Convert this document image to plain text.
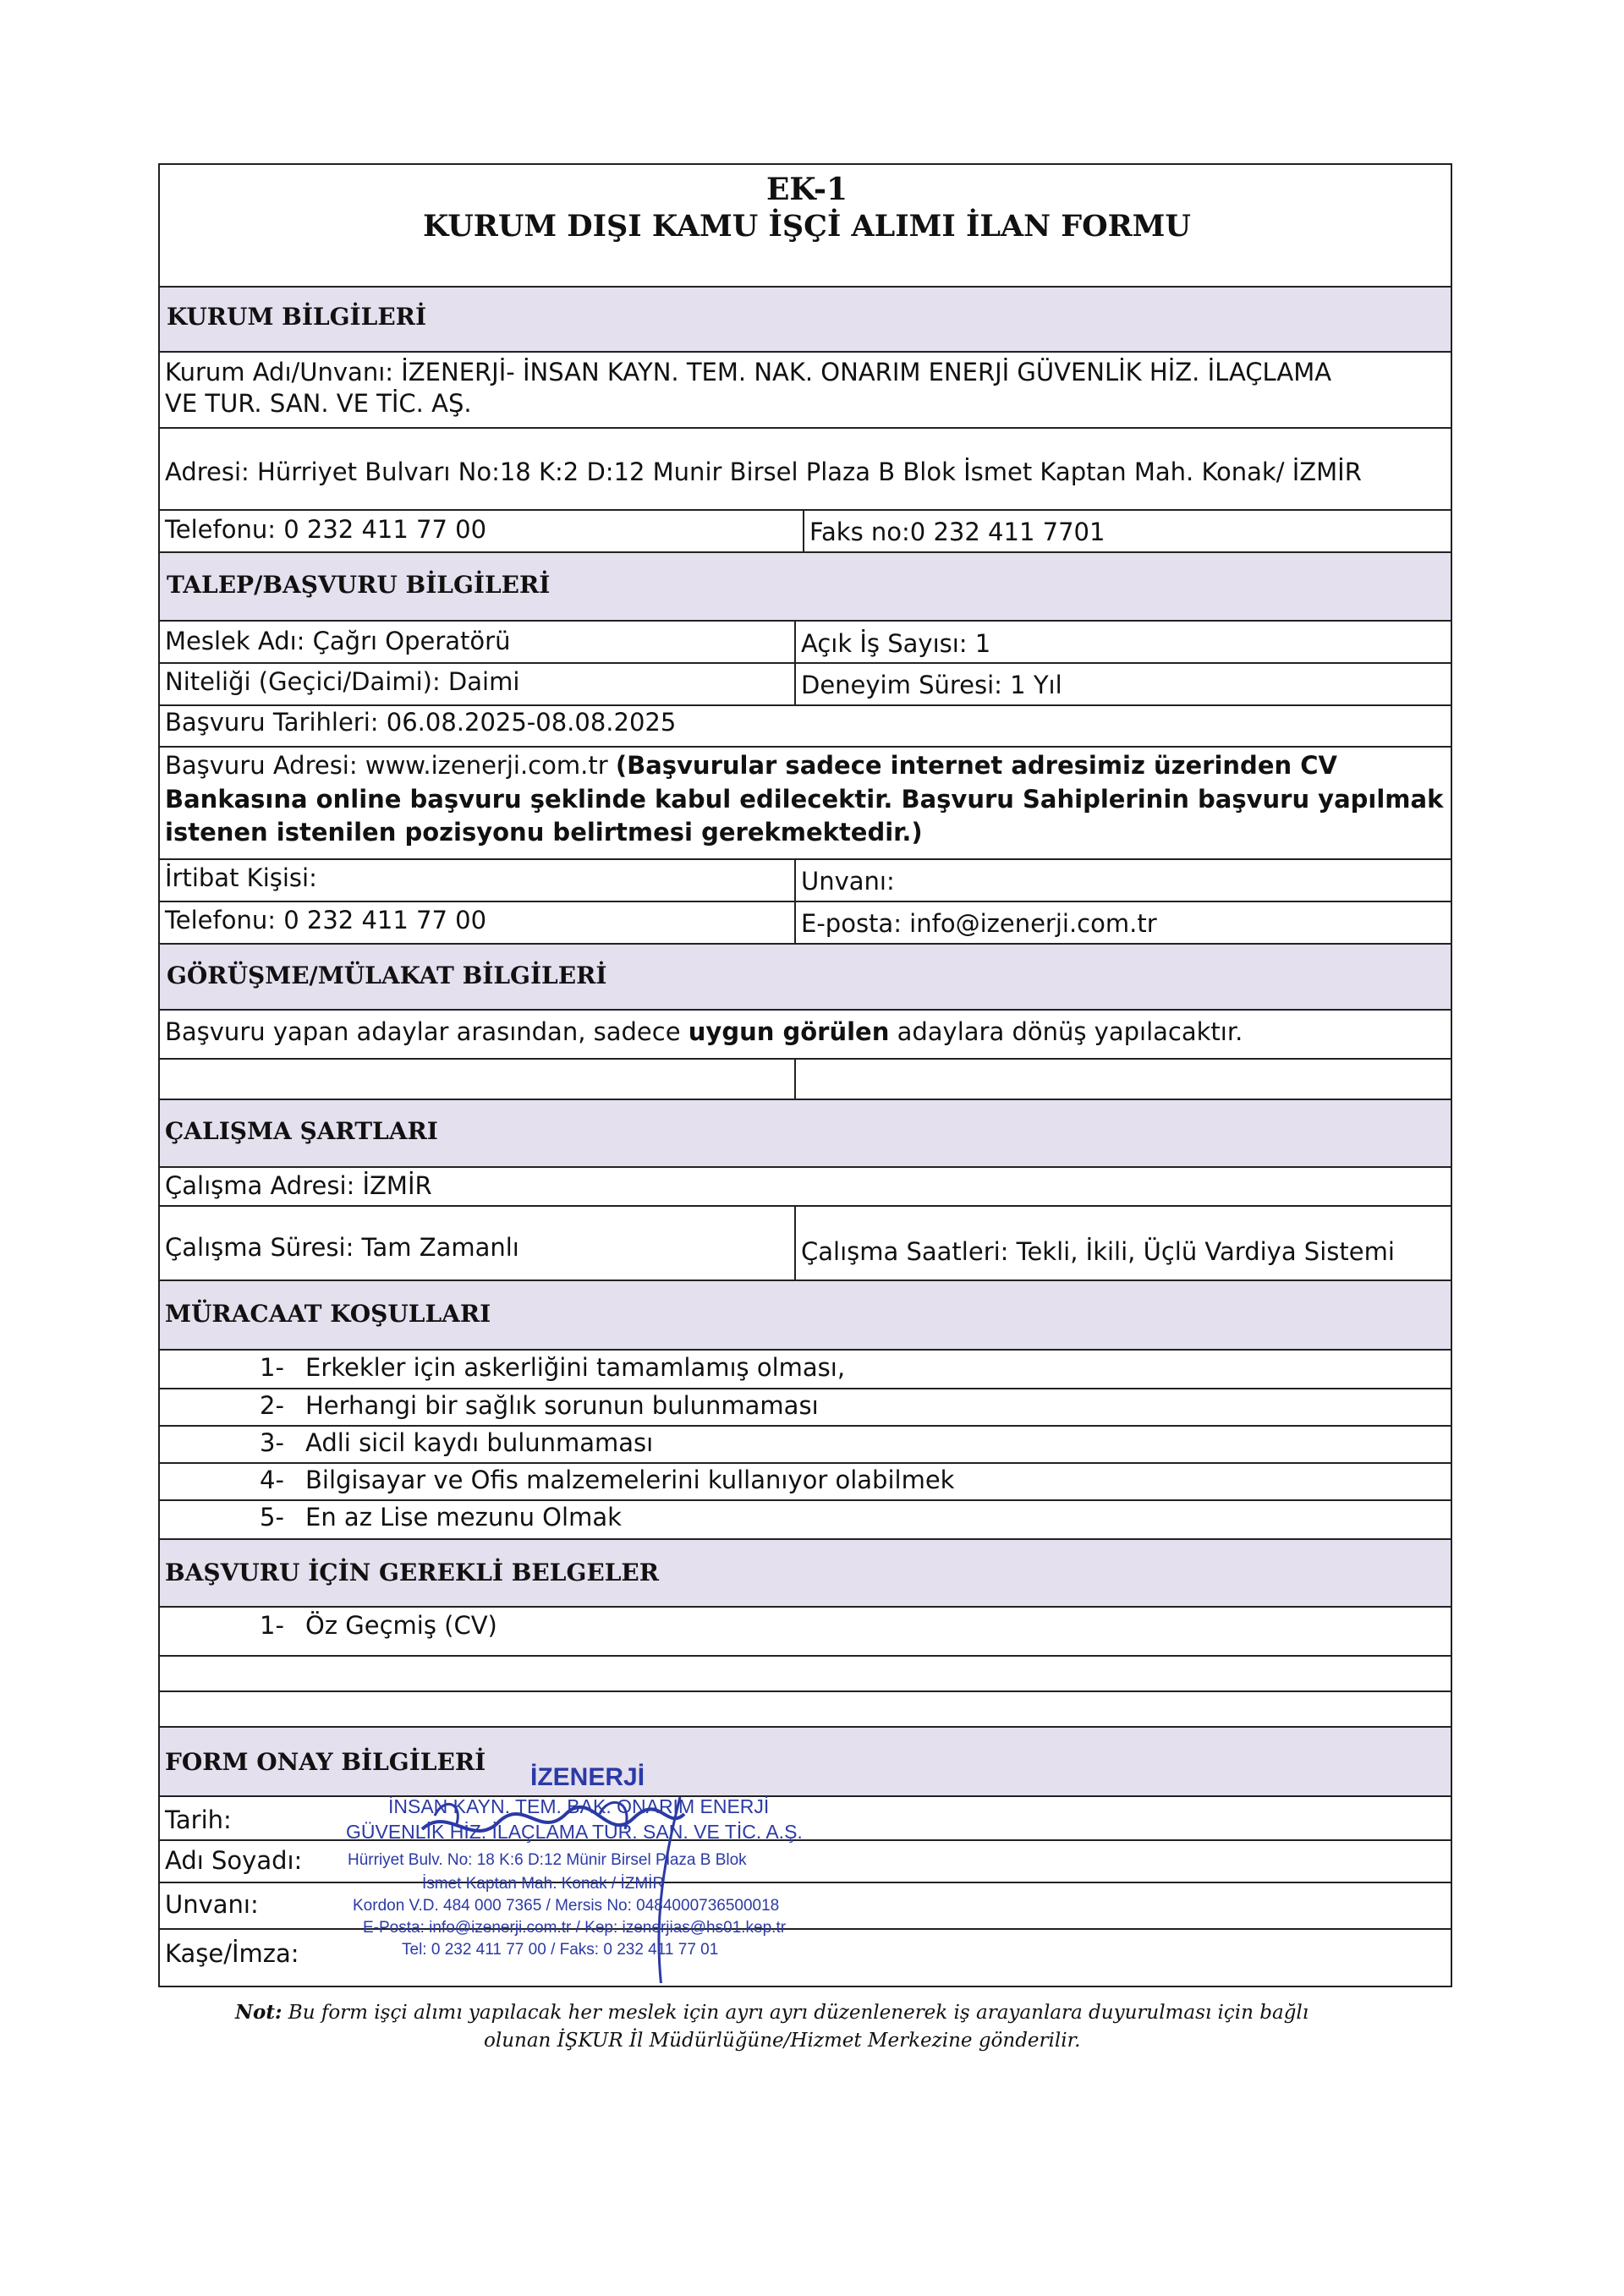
EK-1
KURUM DIŞI KAMU İŞÇİ ALIMI İLAN FORMU
KURUM BİLGİLERİ
Kurum Adı/Unvanı: İZENERJİ- İNSAN KAYN. TEM. NAK. ONARIM ENERJİ GÜVENLİK HİZ. İLAÇLAMA
VE TUR. SAN. VE TİC. AŞ.
Adresi: Hürriyet Bulvarı No:18 K:2 D:12 Munir Birsel Plaza B Blok İsmet Kaptan Mah. Konak/ İZMİR
Telefonu: 0 232 411 77 00	Faks no:0 232 411 7701
TALEP/BAŞVURU BİLGİLERİ
Meslek Adı: Çağrı Operatörü	Açık İş Sayısı: 1
Niteliği (Geçici/Daimi): Daimi	Deneyim Süresi: 1 Yıl
Başvuru Tarihleri: 06.08.2025-08.08.2025
Başvuru Adresi: www.izenerji.com.tr (Başvurular sadece internet adresimiz üzerinden CV
Bankasına online başvuru şeklinde kabul edilecektir. Başvuru Sahiplerinin başvuru yapılmak
istenen istenilen pozisyonu belirtmesi gerekmektedir.)
İrtibat Kişisi:	Unvanı:
Telefonu: 0 232 411 77 00	E-posta: info@izenerji.com.tr
GÖRÜŞME/MÜLAKAT BİLGİLERİ
Başvuru yapan adaylar arasından, sadece uygun görülen adaylara dönüş yapılacaktır.
ÇALIŞMA ŞARTLARI
Çalışma Adresi: İZMİR
Çalışma Süresi: Tam Zamanlı	Çalışma Saatleri: Tekli, İkili, Üçlü Vardiya Sistemi
MÜRACAAT KOŞULLARI
1- Erkekler için askerliğini tamamlamış olması,
2- Herhangi bir sağlık sorunun bulunmaması
3- Adli sicil kaydı bulunmaması
4- Bilgisayar ve Ofis malzemelerini kullanıyor olabilmek
5- En az Lise mezunu Olmak
BAŞVURU İÇİN GEREKLİ BELGELER
1- Öz Geçmiş (CV)
FORM ONAY BİLGİLERİ
Tarih:
Adı Soyadı:
Unvanı:
Kaşe/İmza:
İZENERJİ
İNSAN KAYN. TEM. BAK. ONARIM ENERJİ
GÜVENLİK HİZ. İLAÇLAMA TUR. SAN. VE TİC. A.Ş.
Hürriyet Bulv. No: 18 K:6 D:12 Münir Birsel Plaza B Blok
İsmet Kaptan Mah. Konak / İZMİR
Kordon V.D. 484 000 7365 / Mersis No: 0484000736500018
E-Posta: info@izenerji.com.tr / Kep: izenerjias@hs01.kep.tr
Tel: 0 232 411 77 00 / Faks: 0 232 411 77 01
Not: Bu form işçi alımı yapılacak her meslek için ayrı ayrı düzenlenerek iş arayanlara duyurulması için bağlı
olunan İŞKUR İl Müdürlüğüne/Hizmet Merkezine gönderilir.
